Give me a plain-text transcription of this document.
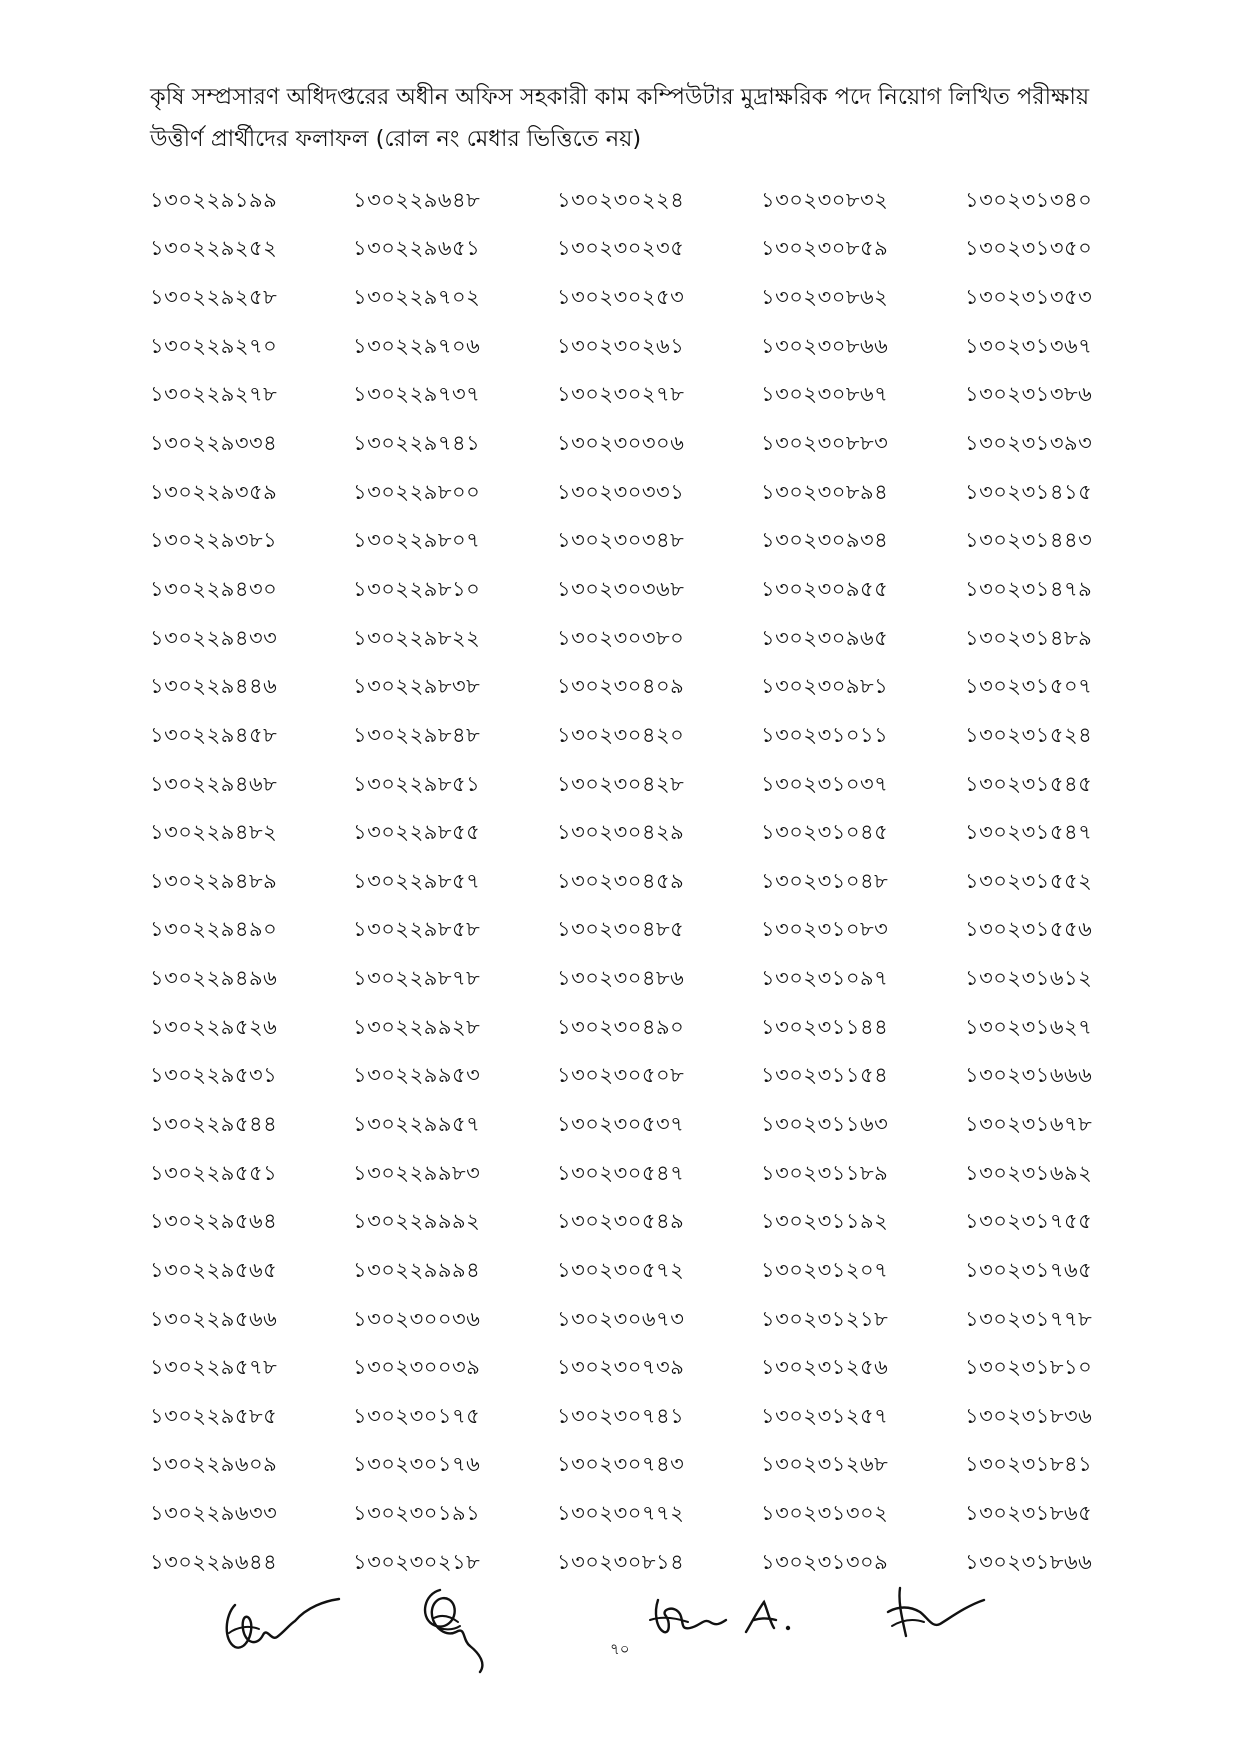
কৃষি সম্প্রসারণ অধিদপ্তরের অধীন অফিস সহকারী কাম কম্পিউটার মুদ্রাক্ষরিক পদে নিয়োগ লিখিত পরীক্ষায়
উত্তীর্ণ প্রার্থীদের ফলাফল (রোল নং মেধার ভিত্তিতে নয়)
১৩০২২৯১৯৯	১৩০২২৯৬৪৮	১৩০২৩০২২৪	১৩০২৩০৮৩২	১৩০২৩১৩৪০
১৩০২২৯২৫২	১৩০২২৯৬৫১	১৩০২৩০২৩৫	১৩০২৩০৮৫৯	১৩০২৩১৩৫০
১৩০২২৯২৫৮	১৩০২২৯৭০২	১৩০২৩০২৫৩	১৩০২৩০৮৬২	১৩০২৩১৩৫৩
১৩০২২৯২৭০	১৩০২২৯৭০৬	১৩০২৩০২৬১	১৩০২৩০৮৬৬	১৩০২৩১৩৬৭
১৩০২২৯২৭৮	১৩০২২৯৭৩৭	১৩০২৩০২৭৮	১৩০২৩০৮৬৭	১৩০২৩১৩৮৬
১৩০২২৯৩৩৪	১৩০২২৯৭৪১	১৩০২৩০৩০৬	১৩০২৩০৮৮৩	১৩০২৩১৩৯৩
১৩০২২৯৩৫৯	১৩০২২৯৮০০	১৩০২৩০৩৩১	১৩০২৩০৮৯৪	১৩০২৩১৪১৫
১৩০২২৯৩৮১	১৩০২২৯৮০৭	১৩০২৩০৩৪৮	১৩০২৩০৯৩৪	১৩০২৩১৪৪৩
১৩০২২৯৪৩০	১৩০২২৯৮১০	১৩০২৩০৩৬৮	১৩০২৩০৯৫৫	১৩০২৩১৪৭৯
১৩০২২৯৪৩৩	১৩০২২৯৮২২	১৩০২৩০৩৮০	১৩০২৩০৯৬৫	১৩০২৩১৪৮৯
১৩০২২৯৪৪৬	১৩০২২৯৮৩৮	১৩০২৩০৪০৯	১৩০২৩০৯৮১	১৩০২৩১৫০৭
১৩০২২৯৪৫৮	১৩০২২৯৮৪৮	১৩০২৩০৪২০	১৩০২৩১০১১	১৩০২৩১৫২৪
১৩০২২৯৪৬৮	১৩০২২৯৮৫১	১৩০২৩০৪২৮	১৩০২৩১০৩৭	১৩০২৩১৫৪৫
১৩০২২৯৪৮২	১৩০২২৯৮৫৫	১৩০২৩০৪২৯	১৩০২৩১০৪৫	১৩০২৩১৫৪৭
১৩০২২৯৪৮৯	১৩০২২৯৮৫৭	১৩০২৩০৪৫৯	১৩০২৩১০৪৮	১৩০২৩১৫৫২
১৩০২২৯৪৯০	১৩০২২৯৮৫৮	১৩০২৩০৪৮৫	১৩০২৩১০৮৩	১৩০২৩১৫৫৬
১৩০২২৯৪৯৬	১৩০২২৯৮৭৮	১৩০২৩০৪৮৬	১৩০২৩১০৯৭	১৩০২৩১৬১২
১৩০২২৯৫২৬	১৩০২২৯৯২৮	১৩০২৩০৪৯০	১৩০২৩১১৪৪	১৩০২৩১৬২৭
১৩০২২৯৫৩১	১৩০২২৯৯৫৩	১৩০২৩০৫০৮	১৩০২৩১১৫৪	১৩০২৩১৬৬৬
১৩০২২৯৫৪৪	১৩০২২৯৯৫৭	১৩০২৩০৫৩৭	১৩০২৩১১৬৩	১৩০২৩১৬৭৮
১৩০২২৯৫৫১	১৩০২২৯৯৮৩	১৩০২৩০৫৪৭	১৩০২৩১১৮৯	১৩০২৩১৬৯২
১৩০২২৯৫৬৪	১৩০২২৯৯৯২	১৩০২৩০৫৪৯	১৩০২৩১১৯২	১৩০২৩১৭৫৫
১৩০২২৯৫৬৫	১৩০২২৯৯৯৪	১৩০২৩০৫৭২	১৩০২৩১২০৭	১৩০২৩১৭৬৫
১৩০২২৯৫৬৬	১৩০২৩০০৩৬	১৩০২৩০৬৭৩	১৩০২৩১২১৮	১৩০২৩১৭৭৮
১৩০২২৯৫৭৮	১৩০২৩০০৩৯	১৩০২৩০৭৩৯	১৩০২৩১২৫৬	১৩০২৩১৮১০
১৩০২২৯৫৮৫	১৩০২৩০১৭৫	১৩০২৩০৭৪১	১৩০২৩১২৫৭	১৩০২৩১৮৩৬
১৩০২২৯৬০৯	১৩০২৩০১৭৬	১৩০২৩০৭৪৩	১৩০২৩১২৬৮	১৩০২৩১৮৪১
১৩০২২৯৬৩৩	১৩০২৩০১৯১	১৩০২৩০৭৭২	১৩০২৩১৩০২	১৩০২৩১৮৬৫
১৩০২২৯৬৪৪	১৩০২৩০২১৮	১৩০২৩০৮১৪	১৩০২৩১৩০৯	১৩০২৩১৮৬৬
৭০
